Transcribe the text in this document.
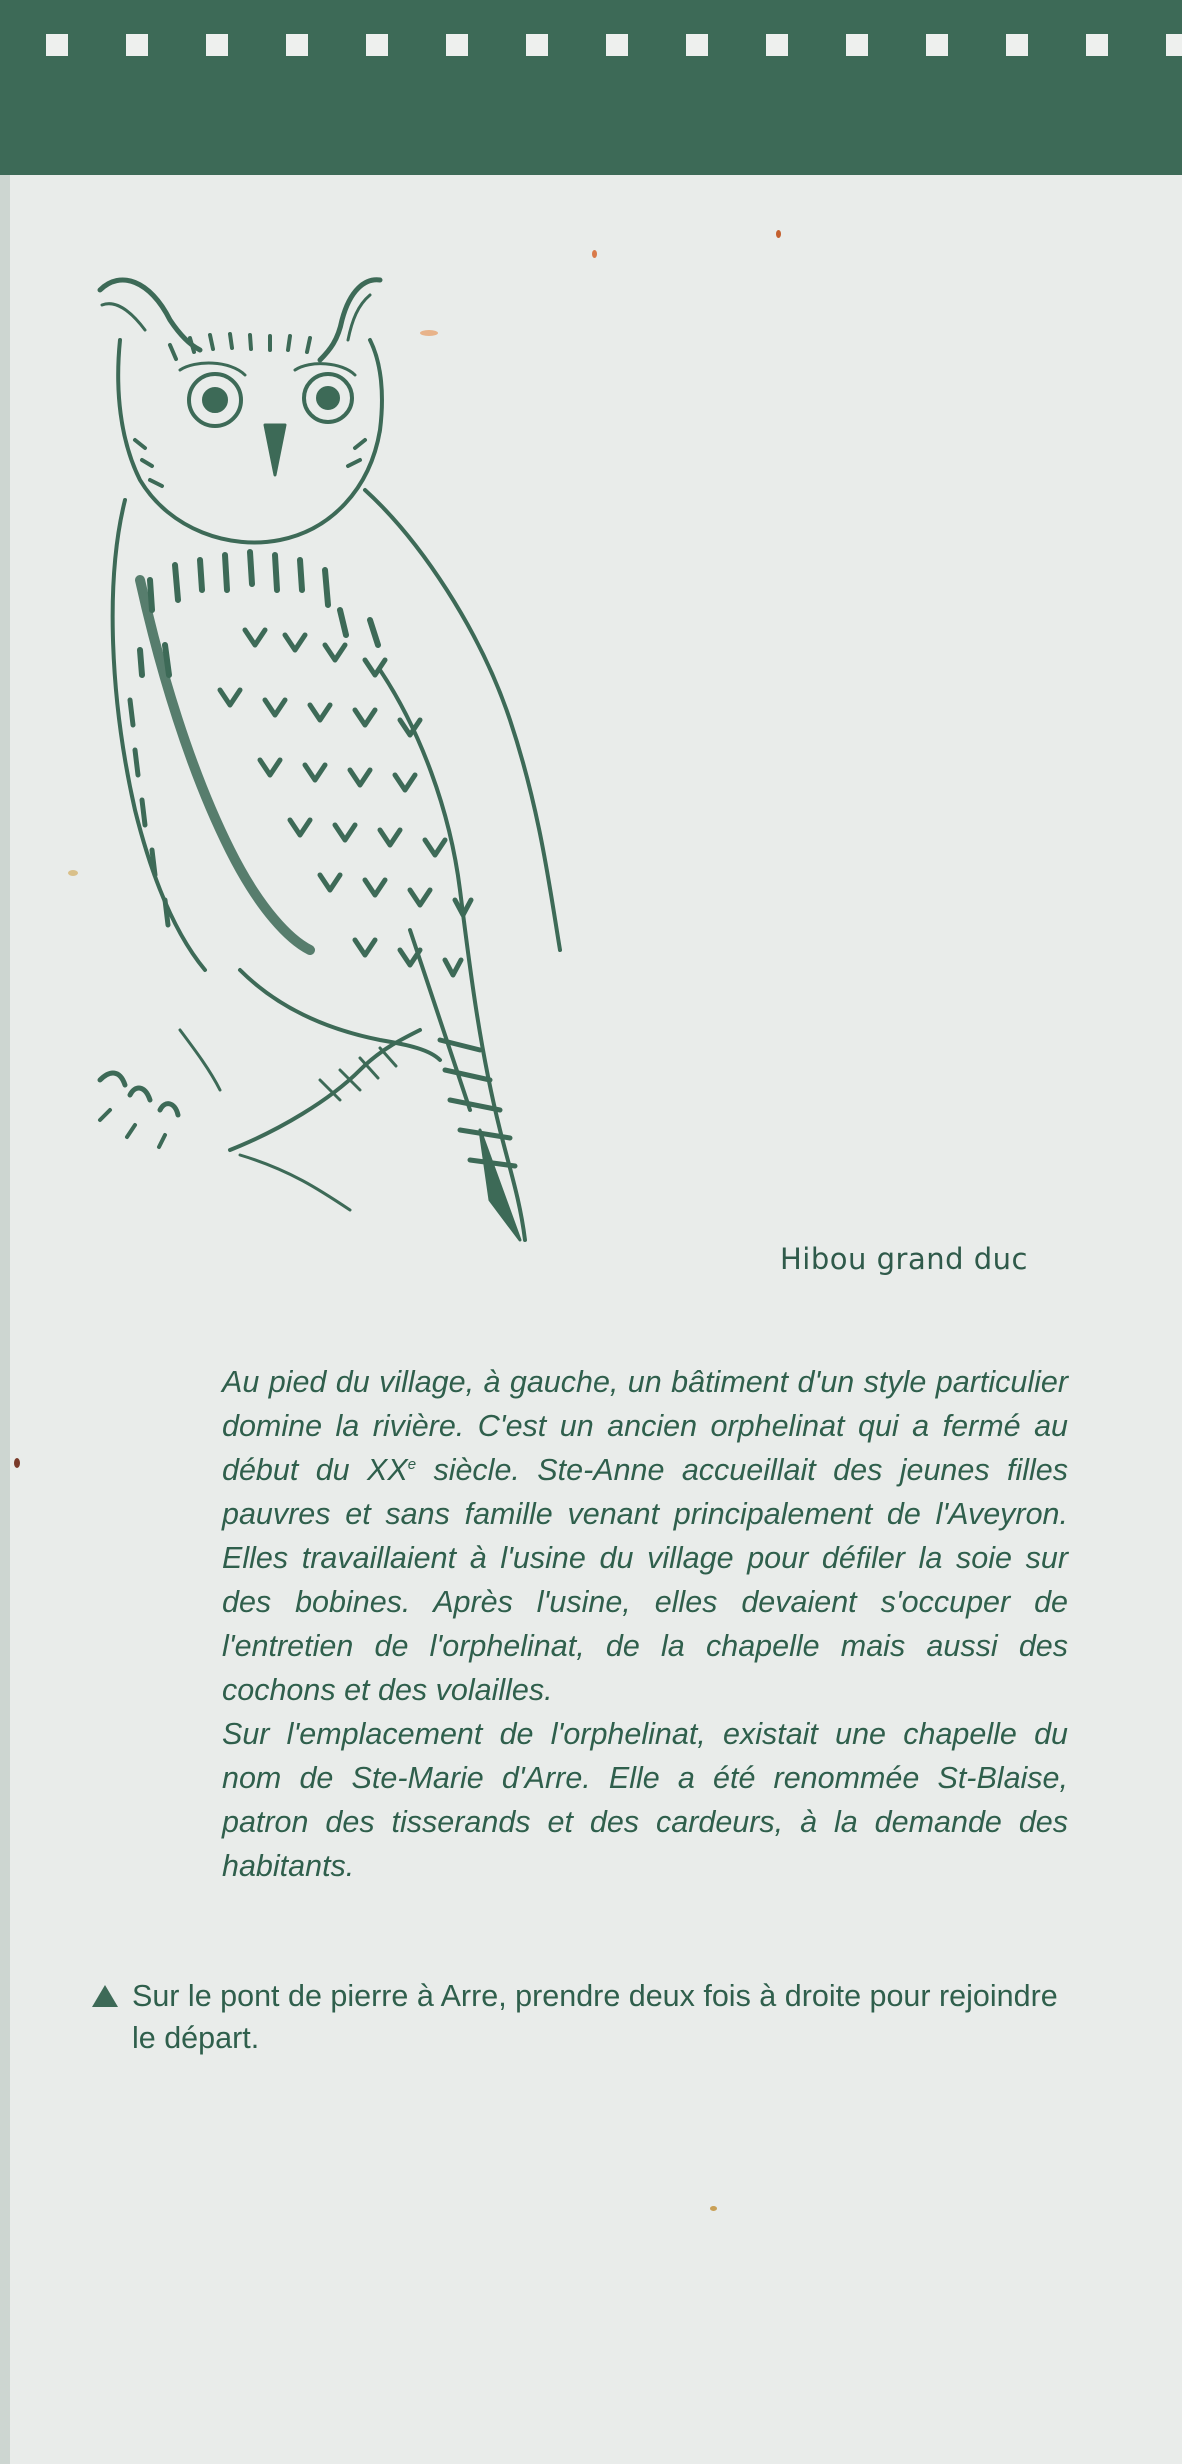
Hibou grand duc

Au pied du village, à gauche, un bâtiment d'un style particulier domine la rivière. C'est un ancien orphelinat qui a fermé au début du XXe siècle. Ste-Anne accueillait des jeunes filles pauvres et sans famille venant principalement de l'Aveyron. Elles travaillaient à l'usine du village pour défiler la soie sur des bobines. Après l'usine, elles devaient s'occuper de l'entretien de l'orphelinat, de la chapelle mais aussi des cochons et des volailles.

Sur l'emplacement de l'orphelinat, existait une chapelle du nom de Ste-Marie d'Arre. Elle a été renommée St-Blaise, patron des tisserands et des cardeurs, à la demande des habitants.

Sur le pont de pierre à Arre, prendre deux fois à droite pour rejoindre le départ.
